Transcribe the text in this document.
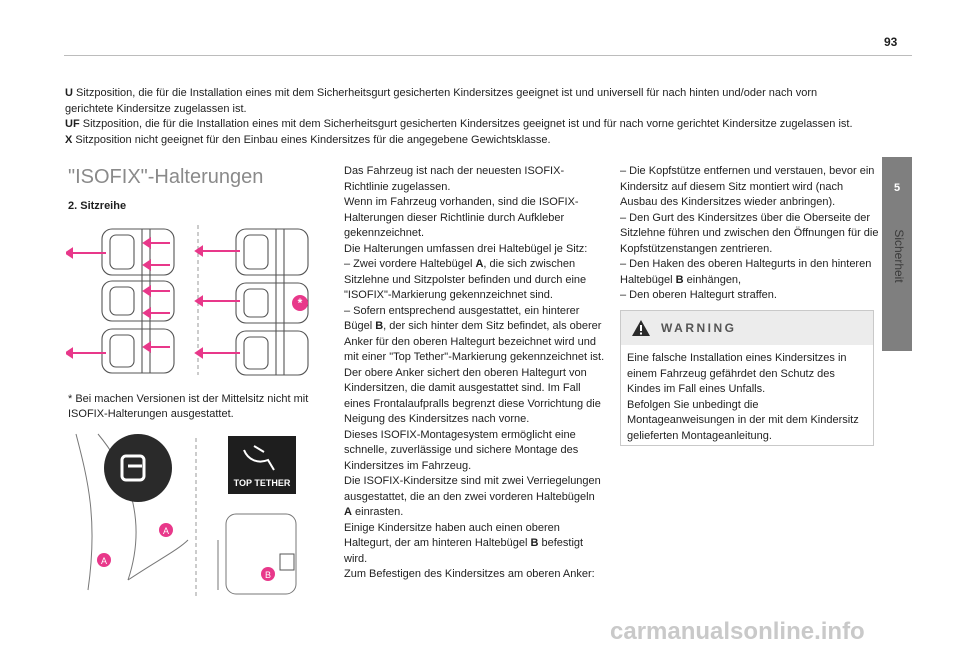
93
5
Sicherheit
U Sitzposition, die für die Installation eines mit dem Sicherheitsgurt gesicherten Kindersitzes geeignet ist und universell für nach hinten und/oder nach vorn gerichtete Kindersitze zugelassen ist.
UF Sitzposition, die für die Installation eines mit dem Sicherheitsgurt gesicherten Kindersitzes geeignet ist und für nach vorne gerichtet Kindersitze zugelassen ist.
X Sitzposition nicht geeignet für den Einbau eines Kindersitzes für die angegebene Gewichtsklasse.
"ISOFIX"-Halterungen
2. Sitzreihe
*
* Bei machen Versionen ist der Mittelsitz nicht mit ISOFIX-Halterungen ausgestattet.
TOP TETHER
A
A
B
Das Fahrzeug ist nach der neuesten ISOFIX-Richtlinie zugelassen.
Wenn im Fahrzeug vorhanden, sind die ISOFIX-Halterungen dieser Richtlinie durch Aufkleber gekennzeichnet.
Die Halterungen umfassen drei Haltebügel je Sitz:
– Zwei vordere Haltebügel A, die sich zwischen Sitzlehne und Sitzpolster befinden und durch eine "ISOFIX"-Markierung gekennzeichnet sind.
– Sofern entsprechend ausgestattet, ein hinterer Bügel B, der sich hinter dem Sitz befindet, als oberer Anker für den oberen Haltegurt bezeichnet wird und mit einer "Top Tether"-Markierung gekennzeichnet ist.
Der obere Anker sichert den oberen Haltegurt von Kindersitzen, die damit ausgestattet sind. Im Fall eines Frontalaufpralls begrenzt diese Vorrichtung die Neigung des Kindersitzes nach vorne.
Dieses ISOFIX-Montagesystem ermöglicht eine schnelle, zuverlässige und sichere Montage des Kindersitzes im Fahrzeug.
Die ISOFIX-Kindersitze sind mit zwei Verriegelungen ausgestattet, die an den zwei vorderen Haltebügeln
A einrasten.
Einige Kindersitze haben auch einen oberen Haltegurt, der am hinteren Haltebügel B befestigt wird.
Zum Befestigen des Kindersitzes am oberen Anker:
– Die Kopfstütze entfernen und verstauen, bevor ein Kindersitz auf diesem Sitz montiert wird (nach Ausbau des Kindersitzes wieder anbringen).
– Den Gurt des Kindersitzes über die Oberseite der Sitzlehne führen und zwischen den Öffnungen für die Kopfstützenstangen zentrieren.
– Den Haken des oberen Haltegurts in den hinteren Haltebügel B einhängen,
– Den oberen Haltegurt straffen.
WARNING
Eine falsche Installation eines Kindersitzes in einem Fahrzeug gefährdet den Schutz des Kindes im Fall eines Unfalls.
Befolgen Sie unbedingt die Montageanweisungen in der mit dem Kindersitz gelieferten Montageanleitung.
carmanualsonline.info
